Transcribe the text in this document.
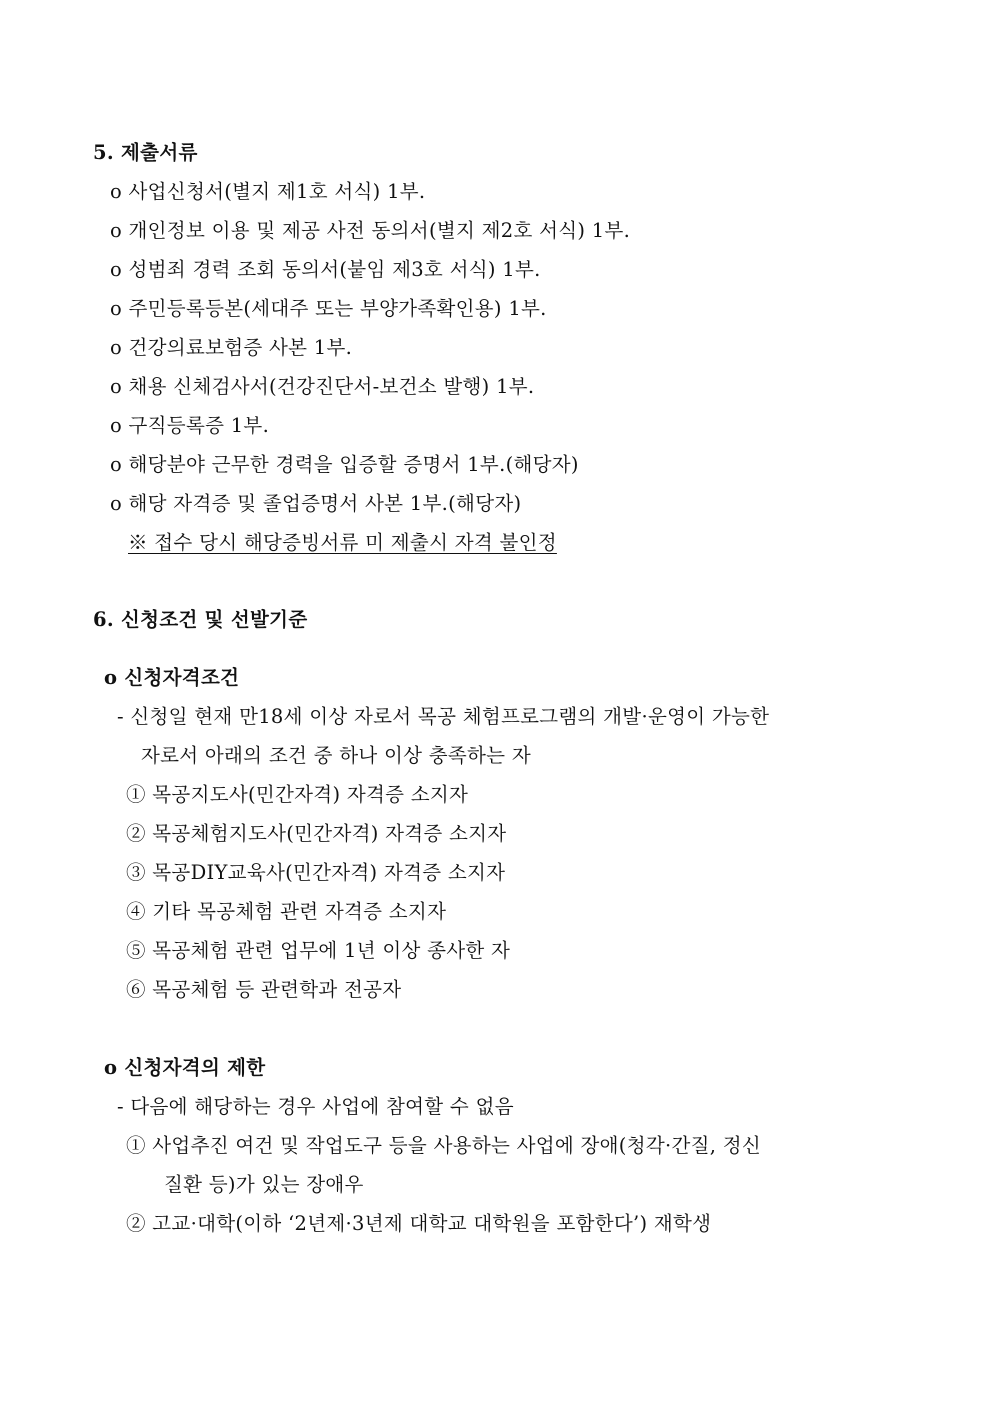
5. 제출서류
o 사업신청서(별지 제1호 서식) 1부.
o 개인정보 이용 및 제공 사전 동의서(별지 제2호 서식) 1부.
o 성범죄 경력 조회 동의서(붙임 제3호 서식) 1부.
o 주민등록등본(세대주 또는 부양가족확인용) 1부.
o 건강의료보험증 사본 1부.
o 채용 신체검사서(건강진단서-보건소 발행) 1부.
o 구직등록증 1부.
o 해당분야 근무한 경력을 입증할 증명서 1부.(해당자)
o 해당 자격증 및 졸업증명서 사본 1부.(해당자)
※ 접수 당시 해당증빙서류 미 제출시 자격 불인정
6. 신청조건 및 선발기준
o 신청자격조건
- 신청일 현재 만18세 이상 자로서 목공 체험프로그램의 개발·운영이 가능한
자로서 아래의 조건 중 하나 이상 충족하는 자
① 목공지도사(민간자격) 자격증 소지자
② 목공체험지도사(민간자격) 자격증 소지자
③ 목공DIY교육사(민간자격) 자격증 소지자
④ 기타 목공체험 관련 자격증 소지자
⑤ 목공체험 관련 업무에 1년 이상 종사한 자
⑥ 목공체험 등 관련학과 전공자
o 신청자격의 제한
- 다음에 해당하는 경우 사업에 참여할 수 없음
① 사업추진 여건 및 작업도구 등을 사용하는 사업에 장애(청각·간질, 정신
질환 등)가 있는 장애우
② 고교·대학(이하 ‘2년제·3년제 대학교 대학원을 포함한다’) 재학생
